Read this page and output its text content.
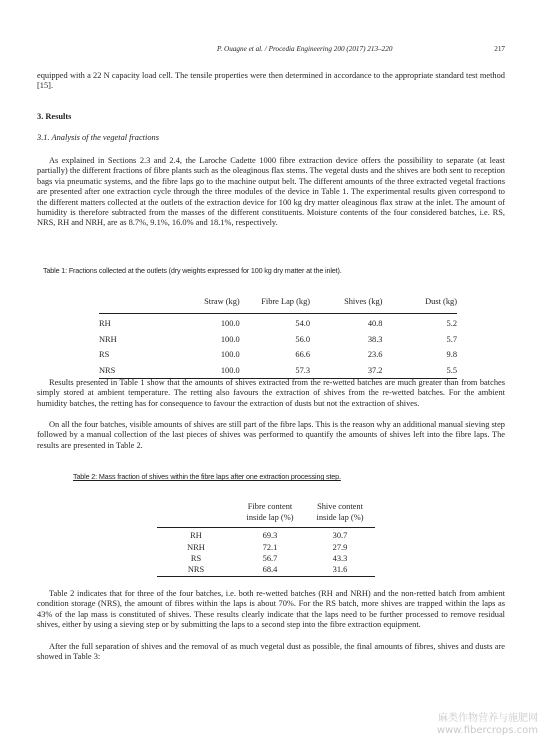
P. Ouagne et al. / Procedia Engineering 200 (2017) 213–220	217

equipped with a 22 N capacity load cell. The tensile properties were then determined in accordance to the appropriate standard test method [15].

3. Results
3.1. Analysis of the vegetal fractions

As explained in Sections 2.3 and 2.4, the Laroche Cadette 1000 fibre extraction device offers the possibility to separate (at least partially) the different fractions of fibre plants such as the oleaginous flax stems. The vegetal dusts and the shives are both sent to reception bags via pneumatic systems, and the fibre laps go to the machine output belt. The different amounts of the three extracted vegetal fractions are presented after one extraction cycle through the three modules of the device in Table 1. The experimental results given correspond to the different matters collected at the outlets of the extraction device for 100 kg dry matter oleaginous flax straw at the inlet. The amount of humidity is therefore subtracted from the masses of the different constituents. Moisture contents of the four considered batches, i.e. RS, NRS, RH and NRH, are as 8.7%, 9.1%, 16.0% and 18.1%, respectively.

Table 1: Fractions collected at the outlets (dry weights expressed for 100 kg dry matter at the inlet).
	Straw (kg)	Fibre Lap (kg)	Shives (kg)	Dust (kg)
RH	100.0	54.0	40.8	5.2
NRH	100.0	56.0	38.3	5.7
RS	100.0	66.6	23.6	9.8
NRS	100.0	57.3	37.2	5.5

Results presented in Table 1 show that the amounts of shives extracted from the re-wetted batches are much greater than from batches simply stored at ambient temperature. The retting also favours the extraction of shives from the re-wetted batches. For the ambient humidity batches, the retting has for consequence to favour the extraction of dusts but not the extraction of shives.

On all the four batches, visible amounts of shives are still part of the fibre laps. This is the reason why an additional manual sieving step followed by a manual collection of the last pieces of shives was performed to quantify the amounts of shives left into the fibre laps. The results are presented in Table 2.

Table 2: Mass fraction of shives within the fibre laps after one extraction processing step.
	Fibre content
inside lap (%)	Shive content
inside lap (%)
RH	69.3	30.7
NRH	72.1	27.9
RS	56.7	43.3
NRS	68.4	31.6

Table 2 indicates that for three of the four batches, i.e. both re-wetted batches (RH and NRH) and the non-retted batch from ambient condition storage (NRS), the amount of fibres within the laps is about 70%. For the RS batch, more shives are trapped within the laps as 43% of the lap mass is constituted of shives. These results clearly indicate that the laps need to be further processed to remove residual shives, either by using a sieving step or by submitting the laps to a second step into the fibre extraction equipment.

After the full separation of shives and the removal of as much vegetal dust as possible, the final amounts of fibres, shives and dusts are showed in Table 3:

麻类作物营养与施肥网
www.fibercrops.com
